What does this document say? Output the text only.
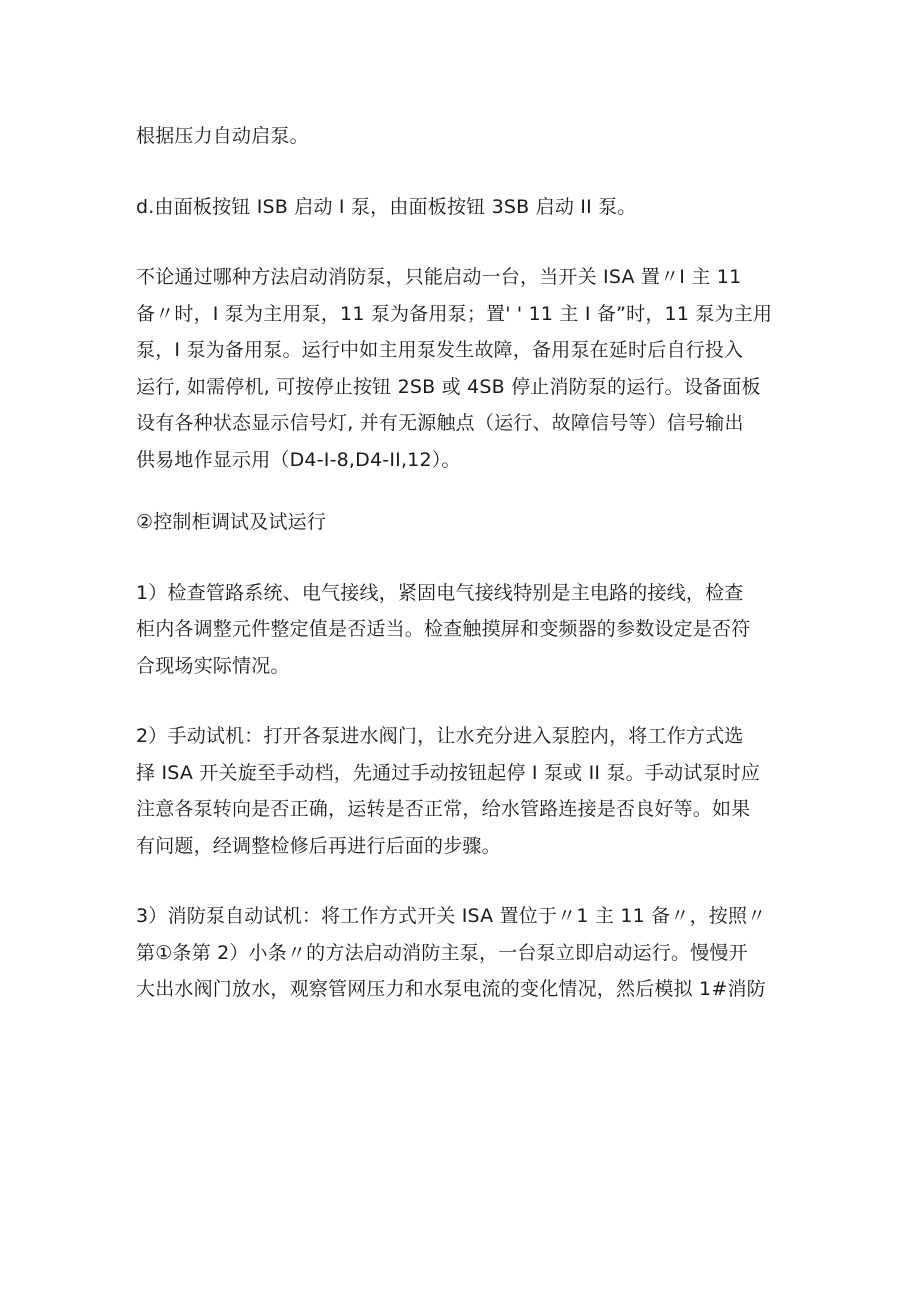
根据压力自动启泵。

d.由面板按钮 ISB 启动 I 泵，由面板按钮 3SB 启动 II 泵。

不论通过哪种方法启动消防泵，只能启动一台，当开关 ISA 置〃I 主 11
备〃时，I 泵为主用泵，11 泵为备用泵；置' ' 11 主 I 备”时，11 泵为主用
泵，I 泵为备用泵。运行中如主用泵发生故障，备用泵在延时后自行投入
运行, 如需停机, 可按停止按钮 2SB 或 4SB 停止消防泵的运行。设备面板
设有各种状态显示信号灯, 并有无源触点（运行、故障信号等）信号输出
供易地作显示用（D4-I-8,D4-II,12）。

②控制柜调试及试运行

1）检查管路系统、电气接线，紧固电气接线特别是主电路的接线，检查
柜内各调整元件整定值是否适当。检查触摸屏和变频器的参数设定是否符
合现场实际情况。

2）手动试机：打开各泵进水阀门，让水充分进入泵腔内，将工作方式选
择 ISA 开关旋至手动档，先通过手动按钮起停 I 泵或 II 泵。手动试泵时应
注意各泵转向是否正确，运转是否正常，给水管路连接是否良好等。如果
有问题，经调整检修后再进行后面的步骤。

3）消防泵自动试机：将工作方式开关 ISA 置位于〃1 主 11 备〃，按照〃
第①条第 2）小条〃的方法启动消防主泵，一台泵立即启动运行。慢慢开
大出水阀门放水，观察管网压力和水泵电流的变化情况，然后模拟 1#消防
